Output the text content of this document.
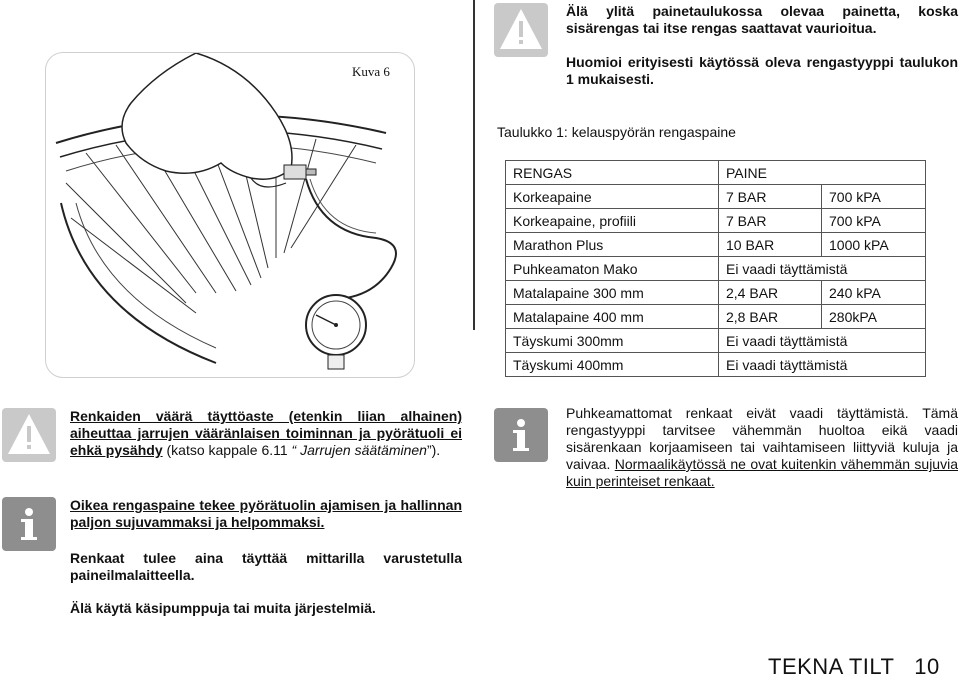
Kuva 6
Älä ylitä painetaulukossa olevaa painetta, koska sisärengas tai itse rengas saattavat vaurioitua.
Huomioi erityisesti käytössä oleva rengastyyppi taulukon 1 mukaisesti.
Taulukko 1: kelauspyörän rengaspaine
RENGAS	PAINE	
Korkeapaine	7 BAR	700 kPA
Korkeapaine, profiili	7 BAR	700 kPA
Marathon Plus	10 BAR	1000 kPA
Puhkeamaton Mako	Ei vaadi täyttämistä	
Matalapaine 300 mm	2,4 BAR	240 kPA
Matalapaine 400 mm	2,8 BAR	280kPA
Täyskumi 300mm	Ei vaadi täyttämistä	
Täyskumi 400mm	Ei vaadi täyttämistä	
Renkaiden väärä täyttöaste (etenkin liian alhainen) aiheuttaa jarrujen vääränlaisen toiminnan ja pyörätuoli ei ehkä pysähdy (katso kappale 6.11 “ Jarrujen säätäminen”).
Oikea rengaspaine tekee pyörätuolin ajamisen ja hallinnan paljon sujuvammaksi ja helpommaksi.
Renkaat tulee aina täyttää mittarilla varustetulla paineilmalaitteella.
Älä käytä käsipumppuja tai muita järjestelmiä.
Puhkeamattomat renkaat eivät vaadi täyttämistä. Tämä rengastyyppi tarvitsee vähemmän huoltoa eikä vaadi sisärenkaan korjaamiseen tai vaihtamiseen liittyviä kuluja ja vaivaa. Normaalikäytössä ne ovat kuitenkin vähemmän sujuvia kuin perinteiset renkaat.
TEKNA TILT 10
